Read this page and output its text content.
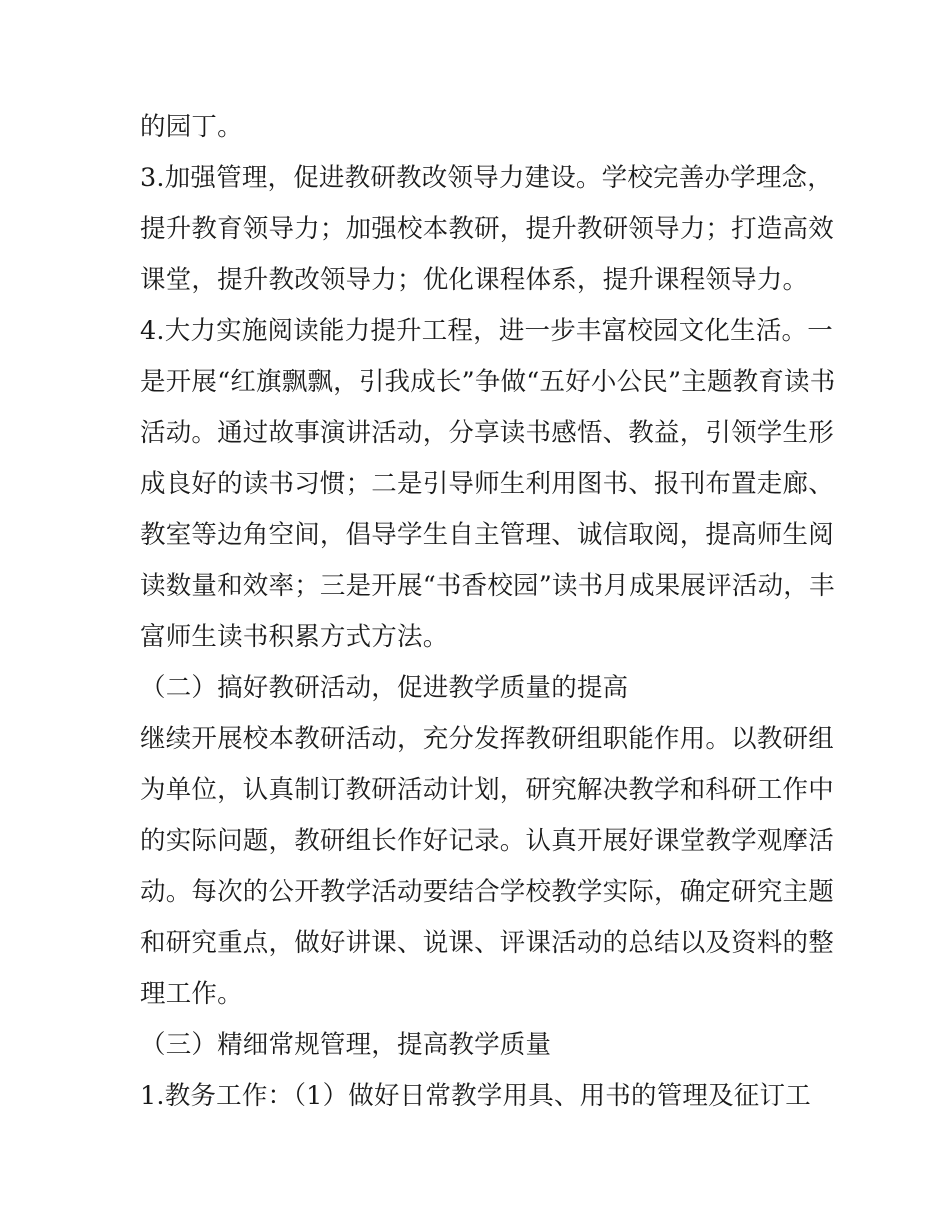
的园丁。
3.加强管理，促进教研教改领导力建设。学校完善办学理念，
提升教育领导力；加强校本教研，提升教研领导力；打造高效
课堂，提升教改领导力；优化课程体系，提升课程领导力。
4.大力实施阅读能力提升工程，进一步丰富校园文化生活。一
是开展“红旗飘飘，引我成长”争做“五好小公民”主题教育读书
活动。通过故事演讲活动，分享读书感悟、教益，引领学生形
成良好的读书习惯；二是引导师生利用图书、报刊布置走廊、
教室等边角空间，倡导学生自主管理、诚信取阅，提高师生阅
读数量和效率；三是开展“书香校园”读书月成果展评活动，丰
富师生读书积累方式方法。
（二）搞好教研活动，促进教学质量的提高
继续开展校本教研活动，充分发挥教研组职能作用。以教研组
为单位，认真制订教研活动计划，研究解决教学和科研工作中
的实际问题，教研组长作好记录。认真开展好课堂教学观摩活
动。每次的公开教学活动要结合学校教学实际，确定研究主题
和研究重点，做好讲课、说课、评课活动的总结以及资料的整
理工作。
（三）精细常规管理，提高教学质量
1.教务工作：（1）做好日常教学用具、用书的管理及征订工
